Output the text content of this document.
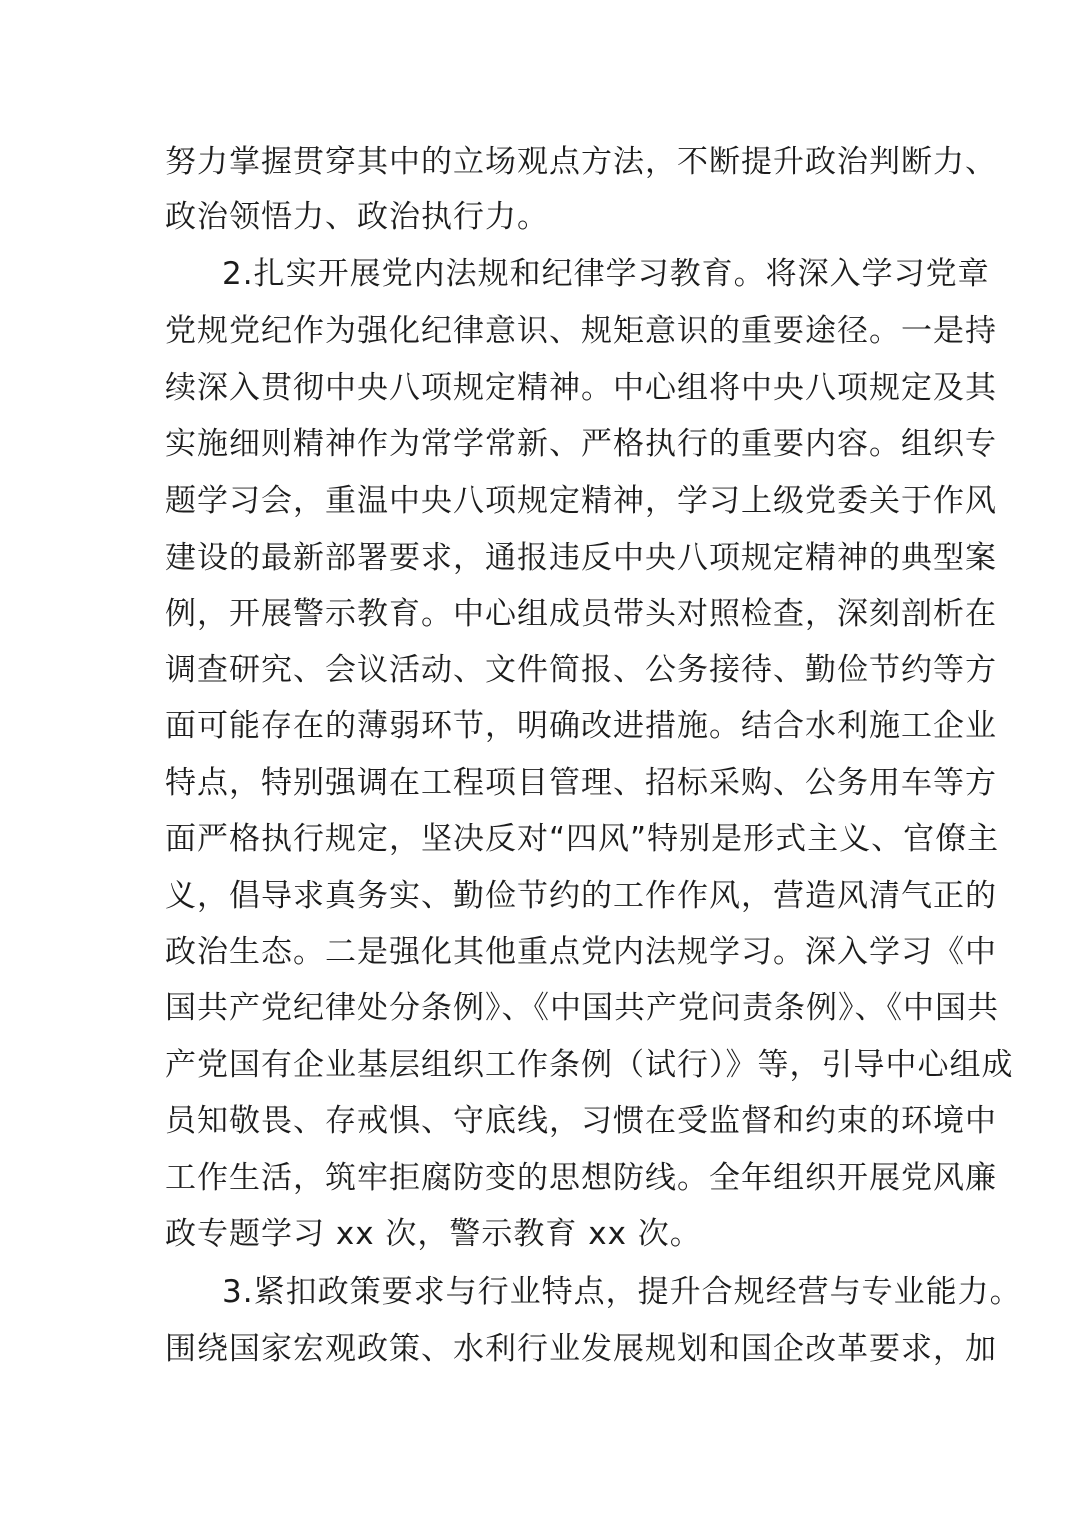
努力掌握贯穿其中的立场观点方法，不断提升政治判断力、
政治领悟力、政治执行力。
2.扎实开展党内法规和纪律学习教育。将深入学习党章
党规党纪作为强化纪律意识、规矩意识的重要途径。一是持
续深入贯彻中央八项规定精神。中心组将中央八项规定及其
实施细则精神作为常学常新、严格执行的重要内容。组织专
题学习会，重温中央八项规定精神，学习上级党委关于作风
建设的最新部署要求，通报违反中央八项规定精神的典型案
例，开展警示教育。中心组成员带头对照检查，深刻剖析在
调查研究、会议活动、文件简报、公务接待、勤俭节约等方
面可能存在的薄弱环节，明确改进措施。结合水利施工企业
特点，特别强调在工程项目管理、招标采购、公务用车等方
面严格执行规定，坚决反对“四风”特别是形式主义、官僚主
义，倡导求真务实、勤俭节约的工作作风，营造风清气正的
政治生态。二是强化其他重点党内法规学习。深入学习《中
国共产党纪律处分条例》、《中国共产党问责条例》、《中国共
产党国有企业基层组织工作条例（试行）》等，引导中心组成
员知敬畏、存戒惧、守底线，习惯在受监督和约束的环境中
工作生活，筑牢拒腐防变的思想防线。全年组织开展党风廉
政专题学习 xx 次，警示教育 xx 次。
3.紧扣政策要求与行业特点，提升合规经营与专业能力。
围绕国家宏观政策、水利行业发展规划和国企改革要求，加
